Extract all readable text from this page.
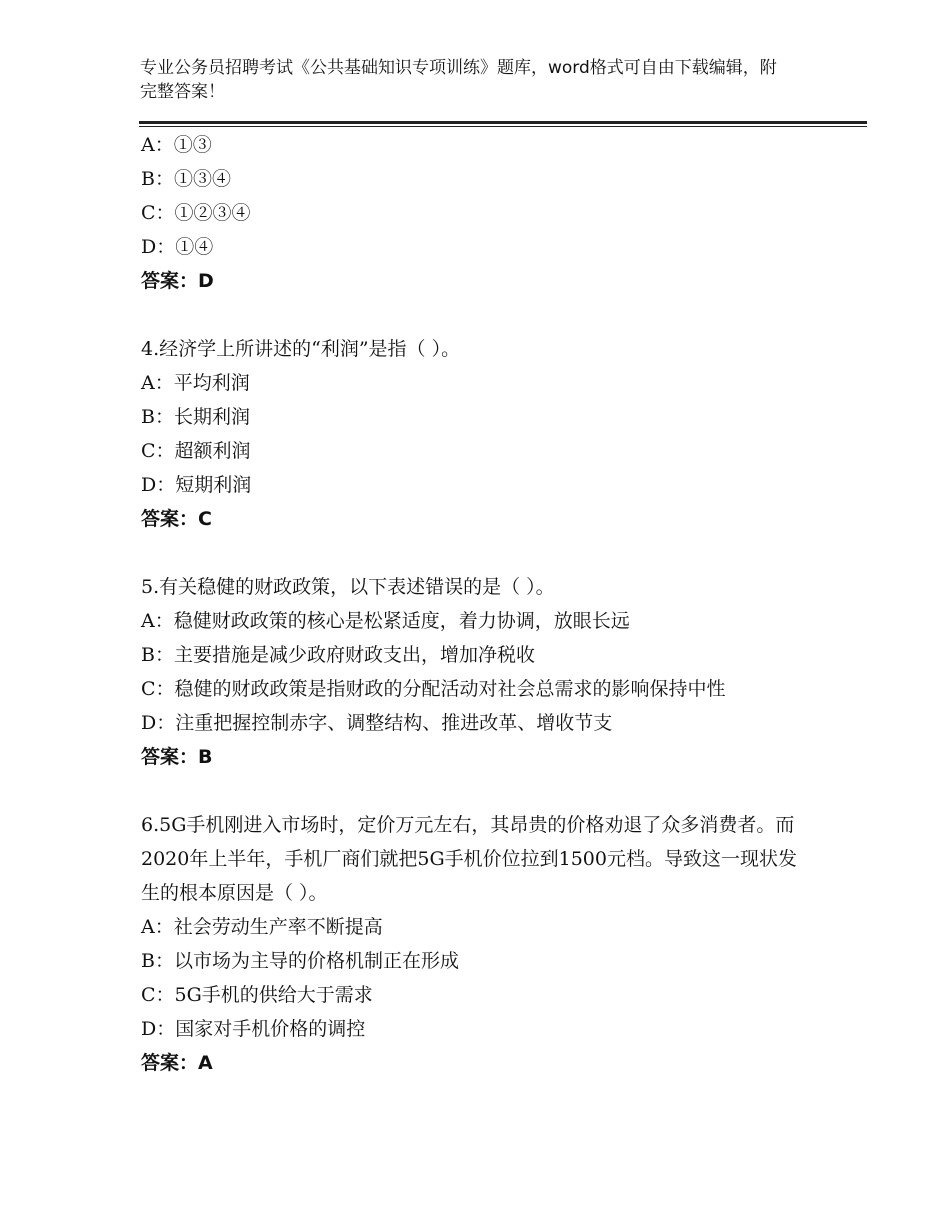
专业公务员招聘考试《公共基础知识专项训练》题库，word格式可自由下载编辑，附完整答案！
A：①③
B：①③④
C：①②③④
D：①④
答案：D
4.经济学上所讲述的“利润”是指（ ）。
A：平均利润
B：长期利润
C：超额利润
D：短期利润
答案：C
5.有关稳健的财政政策，以下表述错误的是（ ）。
A：稳健财政政策的核心是松紧适度，着力协调，放眼长远
B：主要措施是减少政府财政支出，增加净税收
C：稳健的财政政策是指财政的分配活动对社会总需求的影响保持中性
D：注重把握控制赤字、调整结构、推进改革、增收节支
答案：B
6.5G手机刚进入市场时，定价万元左右，其昂贵的价格劝退了众多消费者。而2020年上半年，手机厂商们就把5G手机价位拉到1500元档。导致这一现状发生的根本原因是（ ）。
A：社会劳动生产率不断提高
B：以市场为主导的价格机制正在形成
C：5G手机的供给大于需求
D：国家对手机价格的调控
答案：A
